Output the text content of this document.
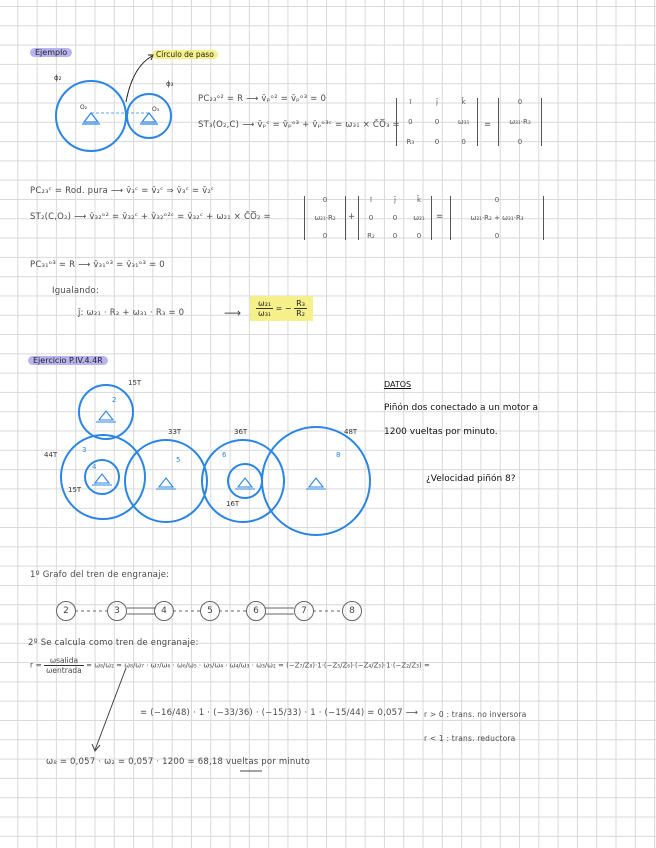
Ejemplo	Círculo de paso
ϕ₂
ϕ₃
O₂	O₃
PC₂₃ᵒ² = R ⟶ v̄ₚᵒ² = v̄ₚᵒ³ = 0
ST₃(O₂,C) ⟶ v̄ₚᶜ = v̄ₚᵒ³ + v̄ₚᵒ³ᶜ = ω₃₁ × C̄O̅₃ =
ī	j̄	k̄
0	0	ω₃₁
R₃	0	0
=
0
ω₃₁·R₃
0
PC₂₃ᶜ = Rod. pura ⟶ v̄₃ᶜ = v̄₂ᶜ ⇒ v̄₃ᶜ = v̄₂ᶜ
ST₂(C,O₂) ⟶ v̄₃₂ᵒ² = v̄₃₂ᶜ + v̄₃₂ᵒ²ᶜ = v̄₃₂ᶜ + ω₂₁ × C̄O̅₂ =
0
ω₂₁·R₂
0
+
ī	j̄	k̄
0	0	ω₂₁
R₂	0	0
=
0
ω₂₁·R₂ + ω₃₁·R₃
0
PC₃₁ᵒ³ = R ⟶ v̄₃₁ᵒ³ = v̄₃₁ᵒ³ = 0
Igualando:
j̄: ω₂₁ · R₂ + ω₃₁ · R₃ = 0	⟶ $\frac{\text{ω₂₁}}{\text{ω₃₁}}$ = − $\frac{\text{R₃}}{\text{R₂}}$
Ejercicio P.IV.4.4R
15T
33T	36T	48T
44T
15T
16T
2
3
4
5
6	8
DATOS
Piñón dos conectado a un motor a
1200 vueltas por minuto.
¿Velocidad piñón 8?
1º Grafo del tren de engranaje:
2	3	4	5	6	7	8
2º Se calcula como tren de engranaje:
$r = \frac{\text{ωsalida}}{\text{ωentrada}} = \omega_8/\omega_2 = \omega_8/\omega_7 \cdot \omega_7/\omega_6 \cdot \omega_6/\omega_5 \cdot \omega_5/\omega_4 \cdot \omega_4/\omega_3 \cdot \omega_3/\omega_2 = (-Z_7/Z_8)\cdot 1\cdot(-Z_5/Z_6)\cdot(-Z_4/Z_5)\cdot 1\cdot(-Z_2/Z_3)$ =
= (−16/48) · 1 · (−33/36) · (−15/33) · 1 · (−15/44) = 0,057 ⟶ r > 0 : trans. no inversora
r < 1 : trans. reductora
ω₈ = 0,057 · ω₂ = 0,057 · 1200 = 68,18 vueltas por minuto
